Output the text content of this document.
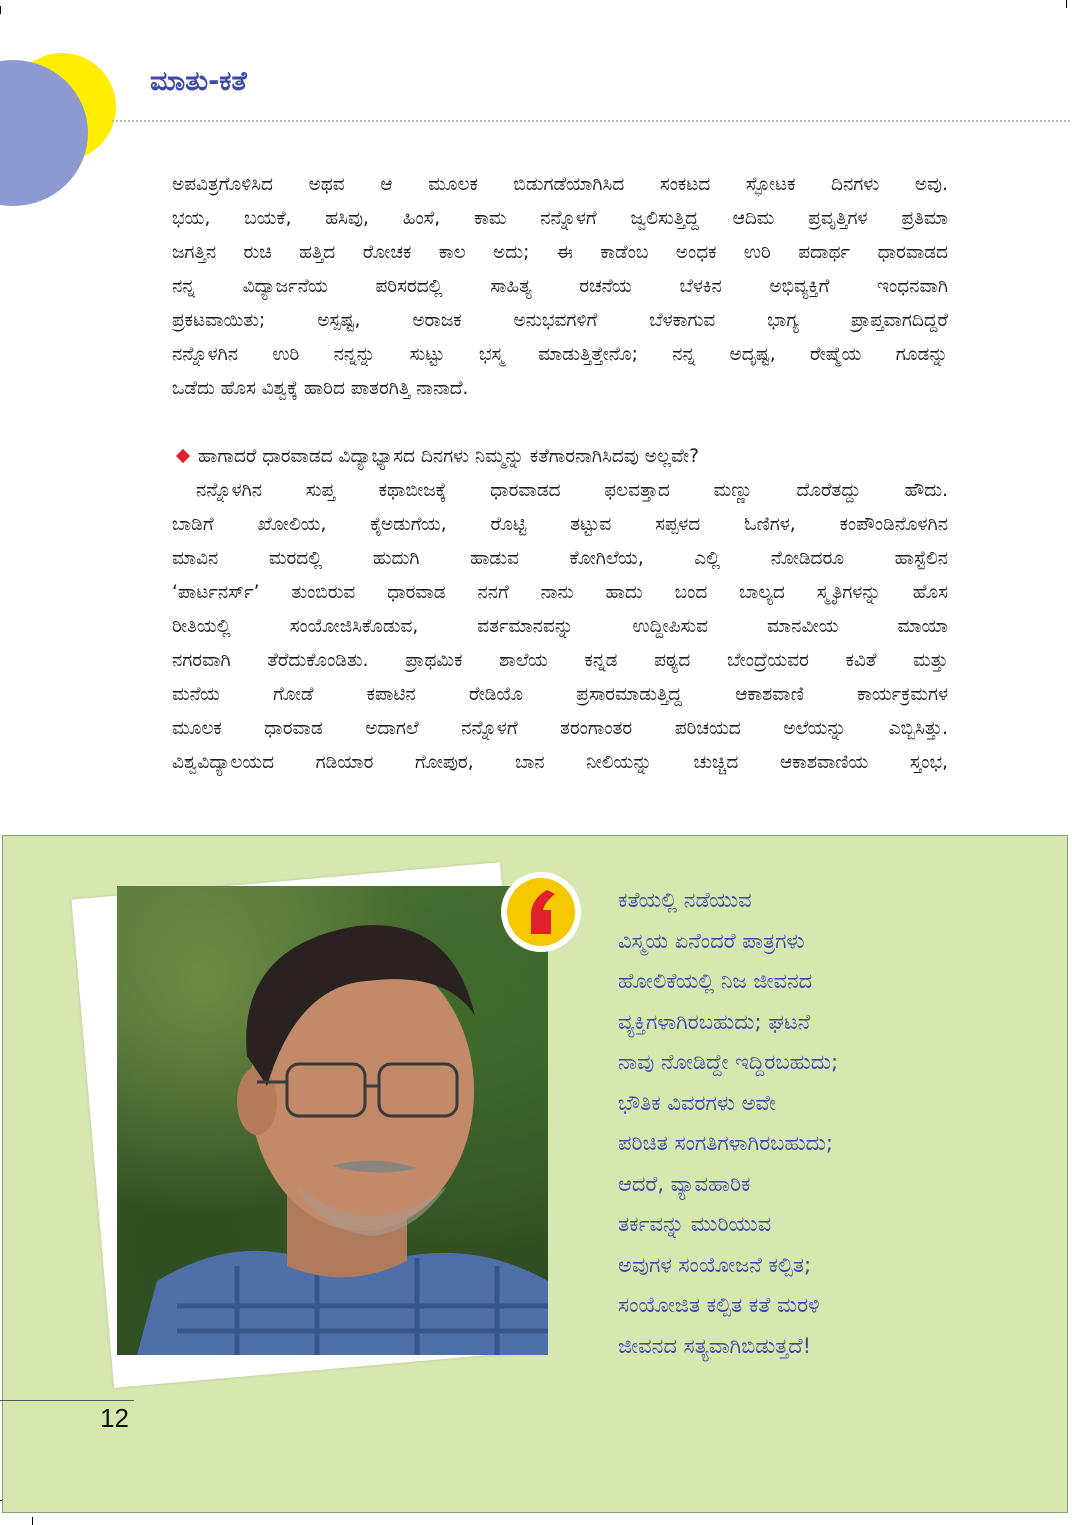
ಮಾತು-ಕತೆ
ಅಪವಿತ್ರಗೊಳಿಸಿದ ಅಥವ ಆ ಮೂಲಕ ಬಿಡುಗಡೆಯಾಗಿಸಿದ ಸಂಕಟದ ಸ್ಫೋಟಕ ದಿನಗಳು ಅವು.
ಭಯ, ಬಯಕೆ, ಹಸಿವು, ಹಿಂಸೆ, ಕಾಮ ನನ್ನೊಳಗೆ ಜ್ವಲಿಸುತ್ತಿದ್ದ ಆದಿಮ ಪ್ರವೃತ್ತಿಗಳ ಪ್ರತಿಮಾ
ಜಗತ್ತಿನ ರುಚಿ ಹತ್ತಿದ ರೋಚಕ ಕಾಲ ಅದು; ಈ ಕಾಡೆಂಬ ಅಂಧಕ ಉರಿ ಪದಾರ್ಥ ಧಾರವಾಡದ
ನನ್ನ ವಿದ್ಯಾರ್ಜನೆಯ ಪರಿಸರದಲ್ಲಿ ಸಾಹಿತ್ಯ ರಚನೆಯ ಬೆಳಕಿನ ಅಭಿವ್ಯಕ್ತಿಗೆ ಇಂಧನವಾಗಿ
ಪ್ರಕಟವಾಯಿತು; ಅಸ್ಪಷ್ಟ, ಅರಾಜಕ ಅನುಭವಗಳಿಗೆ ಬೆಳಕಾಗುವ ಭಾಗ್ಯ ಪ್ರಾಪ್ತವಾಗದಿದ್ದರೆ
ನನ್ನೊಳಗಿನ ಉರಿ ನನ್ನನ್ನು ಸುಟ್ಟು ಭಸ್ಮ ಮಾಡುತ್ತಿತ್ತೇನೊ; ನನ್ನ ಅದೃಷ್ಟ, ರೇಷ್ಮೆಯ ಗೂಡನ್ನು
ಒಡೆದು ಹೊಸ ವಿಶ್ವಕ್ಕೆ ಹಾರಿದ ಪಾತರಗಿತ್ತಿ ನಾನಾದೆ.
ಹಾಗಾದರೆ ಧಾರವಾಡದ ವಿದ್ಯಾಭ್ಯಾಸದ ದಿನಗಳು ನಿಮ್ಮನ್ನು ಕತೆಗಾರನಾಗಿಸಿದವು ಅಲ್ಲವೇ?
ನನ್ನೊಳಗಿನ ಸುಪ್ತ ಕಥಾಬೀಜಕ್ಕೆ ಧಾರವಾಡದ ಫಲವತ್ತಾದ ಮಣ್ಣು ದೊರೆತದ್ದು ಹೌದು.
ಬಾಡಿಗೆ ಖೋಲಿಯ, ಕೈಅಡುಗೆಯ, ರೊಟ್ಟಿ ತಟ್ಟುವ ಸಪ್ಪಳದ ಓಣಿಗಳ, ಕಂಪೌಂಡಿನೊಳಗಿನ
ಮಾವಿನ ಮರದಲ್ಲಿ ಹುದುಗಿ ಹಾಡುವ ಕೋಗಿಲೆಯ, ಎಲ್ಲಿ ನೋಡಿದರೂ ಹಾಸ್ಟೆಲಿನ
‘ಪಾರ್ಟನರ್ಸ್’ ತುಂಬಿರುವ ಧಾರವಾಡ ನನಗೆ ನಾನು ಹಾದು ಬಂದ ಬಾಲ್ಯದ ಸ್ಮೃತಿಗಳನ್ನು ಹೊಸ
ರೀತಿಯಲ್ಲಿ ಸಂಯೋಜಿಸಿಕೊಡುವ, ವರ್ತಮಾನವನ್ನು ಉದ್ದೀಪಿಸುವ ಮಾನವೀಯ ಮಾಯಾ
ನಗರವಾಗಿ ತೆರೆದುಕೊಂಡಿತು. ಪ್ರಾಥಮಿಕ ಶಾಲೆಯ ಕನ್ನಡ ಪಠ್ಯದ ಬೇಂದ್ರೆಯವರ ಕವಿತೆ ಮತ್ತು
ಮನೆಯ ಗೋಡೆ ಕಪಾಟಿನ ರೇಡಿಯೊ ಪ್ರಸಾರಮಾಡುತ್ತಿದ್ದ ಆಕಾಶವಾಣಿ ಕಾರ್ಯಕ್ರಮಗಳ
ಮೂಲಕ ಧಾರವಾಡ ಅದಾಗಲೆ ನನ್ನೊಳಗೆ ತರಂಗಾಂತರ ಪರಿಚಯದ ಅಲೆಯನ್ನು ಎಬ್ಬಿಸಿತ್ತು.
ವಿಶ್ವವಿದ್ಯಾಲಯದ ಗಡಿಯಾರ ಗೋಪುರ, ಬಾನ ನೀಲಿಯನ್ನು ಚುಚ್ಚಿದ ಆಕಾಶವಾಣಿಯ ಸ್ತಂಭ,
ಕತೆಯಲ್ಲಿ ನಡೆಯುವ
ವಿಸ್ಮಯ ಏನೆಂದರೆ ಪಾತ್ರಗಳು
ಹೋಲಿಕೆಯಲ್ಲಿ ನಿಜ ಜೀವನದ
ವ್ಯಕ್ತಿಗಳಾಗಿರಬಹುದು; ಘಟನೆ
ನಾವು ನೋಡಿದ್ದೇ ಇದ್ದಿರಬಹುದು;
ಭೌತಿಕ ವಿವರಗಳು ಅವೇ
ಪರಿಚಿತ ಸಂಗತಿಗಳಾಗಿರಬಹುದು;
ಆದರೆ, ವ್ಯಾವಹಾರಿಕ
ತರ್ಕವನ್ನು ಮುರಿಯುವ
ಅವುಗಳ ಸಂಯೋಜನೆ ಕಲ್ಪಿತ;
ಸಂಯೋಜಿತ ಕಲ್ಪಿತ ಕತೆ ಮರಳಿ
ಜೀವನದ ಸತ್ಯವಾಗಿಬಿಡುತ್ತದೆ!
12
